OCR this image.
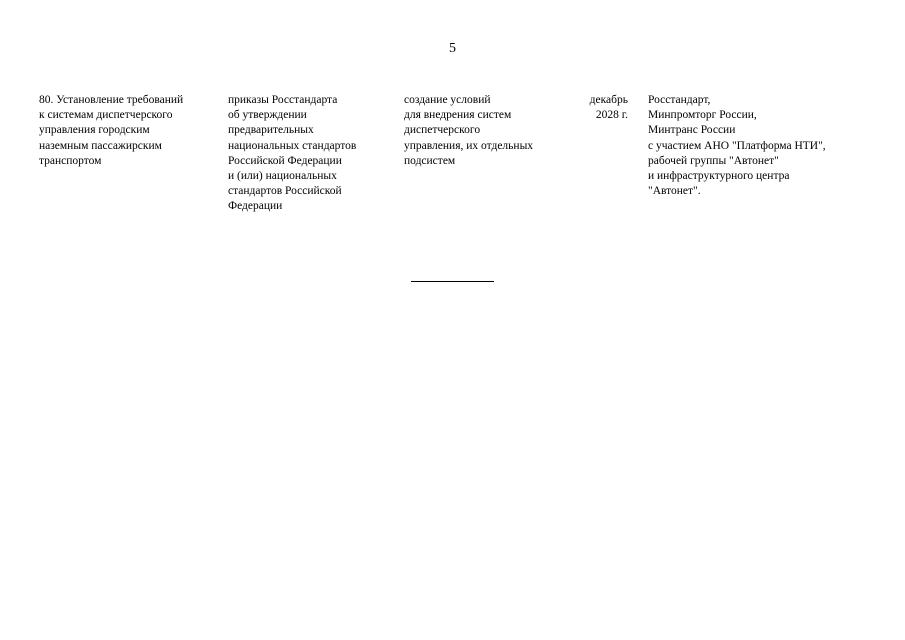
5
80. Установление требований
к системам диспетчерского
управления городским
наземным пассажирским
транспортом
приказы Росстандарта
об утверждении
предварительных
национальных стандартов
Российской Федерации
и (или) национальных
стандартов Российской
Федерации
создание условий
для внедрения систем
диспетчерского
управления, их отдельных
подсистем
декабрь
2028 г.
Росстандарт,
Минпромторг России,
Минтранс России
с участием АНО "Платформа НТИ",
рабочей группы "Автонет"
и инфраструктурного центра
"Автонет".
